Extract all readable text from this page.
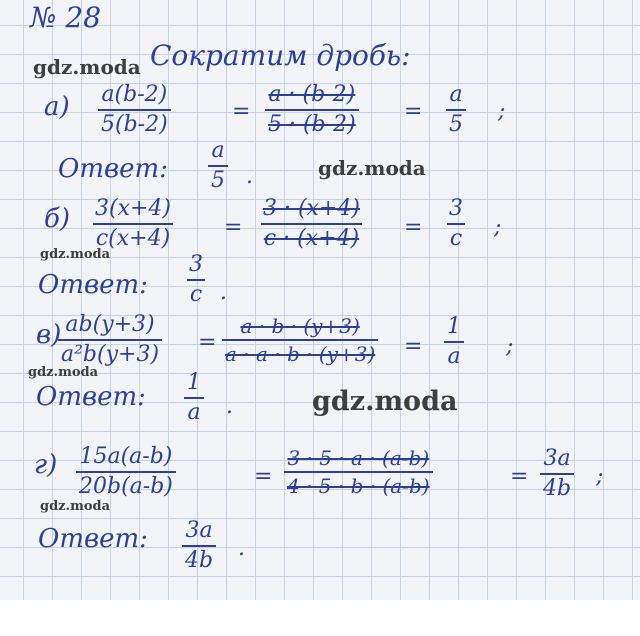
№ 28
Сократим дробь:
gdz.moda
gdz.moda
gdz.moda
gdz.moda
gdz.moda
gdz.moda
$а) \frac{a(b-2)}{5(b-2)}$	= $\frac{a \cdot (b-2)}{5 \cdot (b-2)} = \frac{a}{5}$ ;
Ответ: $\frac{a}{5}$ .
$б) \frac{3(x+4)}{c(x+4)} = \frac{3 \cdot (x+4)}{c \cdot (x+4)} = \frac{3}{c}$ ;
Ответ: $\frac{3}{c}$ .
в)
$\frac{ab(y+3)}{\text{a²b(y+3)}} = \frac{a \cdot b \cdot (y+3)}{a \cdot a \cdot b \cdot (y+3)} = \frac{1}{a}$ ;
Ответ: $\frac{1}{a}$ .
$г) \frac{15a(a-b)}{20b(a-b)}$	= $\frac{3 \cdot 5 \cdot a \cdot (a-b)}{4 \cdot 5 \cdot b \cdot (a-b)}$	= $\frac{3a}{4b}$ ;
Ответ: $\frac{3a}{4b}$ .
